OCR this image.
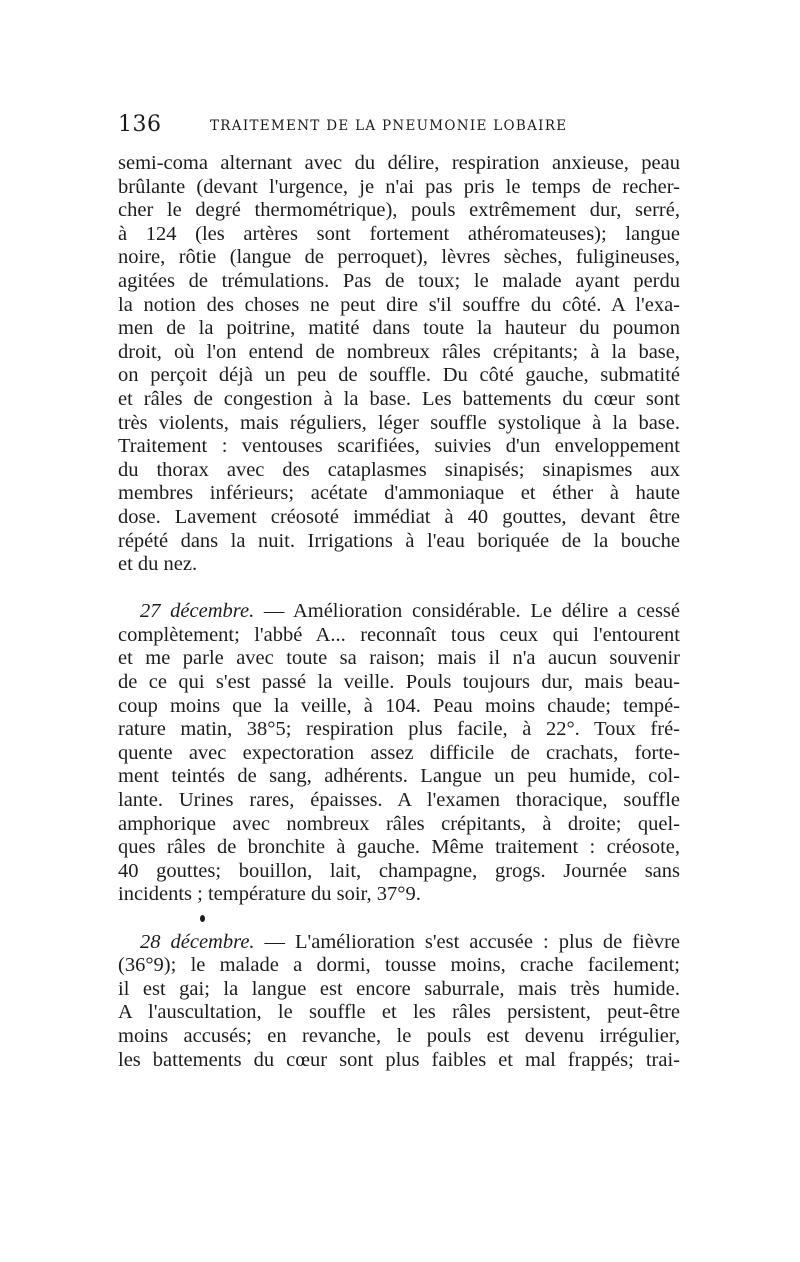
136	TRAITEMENT DE LA PNEUMONIE LOBAIRE
semi-coma alternant avec du délire, respiration anxieuse, peau
brûlante (devant l'urgence, je n'ai pas pris le temps de recher-
cher le degré thermométrique), pouls extrêmement dur, serré,
à 124 (les artères sont fortement athéromateuses); langue
noire, rôtie (langue de perroquet), lèvres sèches, fuligineuses,
agitées de trémulations. Pas de toux; le malade ayant perdu
la notion des choses ne peut dire s'il souffre du côté. A l'exa-
men de la poitrine, matité dans toute la hauteur du poumon
droit, où l'on entend de nombreux râles crépitants; à la base,
on perçoit déjà un peu de souffle. Du côté gauche, submatité
et râles de congestion à la base. Les battements du cœur sont
très violents, mais réguliers, léger souffle systolique à la base.
Traitement : ventouses scarifiées, suivies d'un enveloppement
du thorax avec des cataplasmes sinapisés; sinapismes aux
membres inférieurs; acétate d'ammoniaque et éther à haute
dose. Lavement créosoté immédiat à 40 gouttes, devant être
répété dans la nuit. Irrigations à l'eau boriquée de la bouche
et du nez.
27 décembre. — Amélioration considérable. Le délire a cessé
complètement; l'abbé A... reconnaît tous ceux qui l'entourent
et me parle avec toute sa raison; mais il n'a aucun souvenir
de ce qui s'est passé la veille. Pouls toujours dur, mais beau-
coup moins que la veille, à 104. Peau moins chaude; tempé-
rature matin, 38°5; respiration plus facile, à 22°. Toux fré-
quente avec expectoration assez difficile de crachats, forte-
ment teintés de sang, adhérents. Langue un peu humide, col-
lante. Urines rares, épaisses. A l'examen thoracique, souffle
amphorique avec nombreux râles crépitants, à droite; quel-
ques râles de bronchite à gauche. Même traitement : créosote,
40 gouttes; bouillon, lait, champagne, grogs. Journée sans
incidents ; température du soir, 37°9.
28 décembre. — L'amélioration s'est accusée : plus de fièvre
(36°9); le malade a dormi, tousse moins, crache facilement;
il est gai; la langue est encore saburrale, mais très humide.
A l'auscultation, le souffle et les râles persistent, peut-être
moins accusés; en revanche, le pouls est devenu irrégulier,
les battements du cœur sont plus faibles et mal frappés; trai-
